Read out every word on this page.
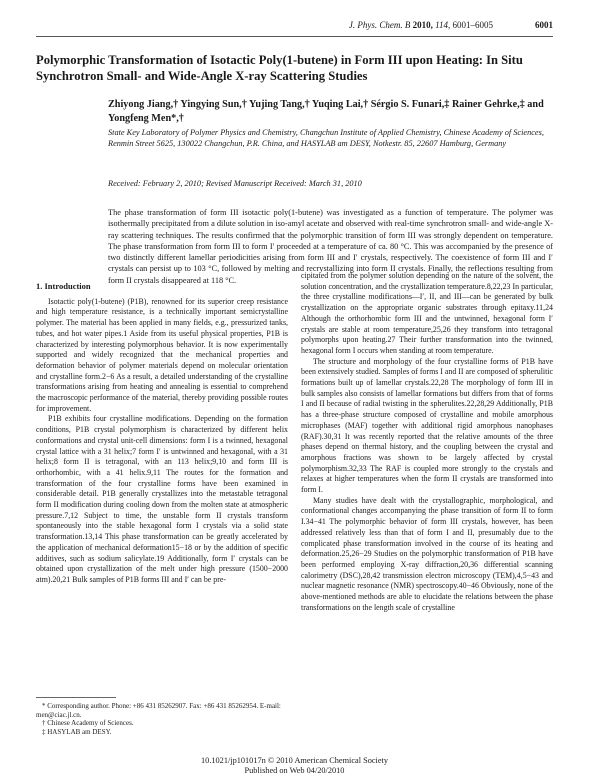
J. Phys. Chem. B 2010, 114, 6001–6005	6001
Polymorphic Transformation of Isotactic Poly(1-butene) in Form III upon Heating: In Situ Synchrotron Small- and Wide-Angle X-ray Scattering Studies
Zhiyong Jiang,† Yingying Sun,† Yujing Tang,† Yuqing Lai,† Sérgio S. Funari,‡ Rainer Gehrke,‡ and Yongfeng Men*,†
State Key Laboratory of Polymer Physics and Chemistry, Changchun Institute of Applied Chemistry, Chinese Academy of Sciences, Renmin Street 5625, 130022 Changchun, P.R. China, and HASYLAB am DESY, Notkestr. 85, 22607 Hamburg, Germany
Received: February 2, 2010; Revised Manuscript Received: March 31, 2010
The phase transformation of form III isotactic poly(1-butene) was investigated as a function of temperature. The polymer was isothermally precipitated from a dilute solution in iso-amyl acetate and observed with real-time synchrotron small- and wide-angle X-ray scattering techniques. The results confirmed that the polymorphic transition of form III was strongly dependent on temperature. The phase transformation from form III to form I′ proceeded at a temperature of ca. 80 °C. This was accompanied by the presence of two distinctly different lamellar periodicities arising from form III and I′ crystals, respectively. The coexistence of form III and I′ crystals can persist up to 103 °C, followed by melting and recrystallizing into form II crystals. Finally, the reflections resulting from form II crystals disappeared at 118 °C.
1. Introduction

Isotactic poly(1-butene) (P1B), renowned for its superior creep resistance and high temperature resistance, is a technically important semicrystalline polymer. The material has been applied in many fields, e.g., pressurized tanks, tubes, and hot water pipes.1 Aside from its useful physical properties, P1B is characterized by interesting polymorphous behavior. It is now experimentally supported and widely recognized that the mechanical properties and deformation behavior of polymer materials depend on molecular orientation and crystalline form.2−6 As a result, a detailed understanding of the crystalline transformations arising from heating and annealing is essential to comprehend the macroscopic performance of the material, thereby providing possible routes for improvement.

P1B exhibits four crystalline modifications. Depending on the formation conditions, P1B crystal polymorphism is characterized by different helix conformations and crystal unit-cell dimensions: form I is a twinned, hexagonal crystal lattice with a 31 helix;7 form I′ is untwinned and hexagonal, with a 31 helix;8 form II is tetragonal, with an 113 helix;9,10 and form III is orthorhombic, with a 41 helix.9,11 The routes for the formation and transformation of the four crystalline forms have been examined in considerable detail. P1B generally crystallizes into the metastable tetragonal form II modification during cooling down from the molten state at atmospheric pressure.7,12 Subject to time, the unstable form II crystals transform spontaneously into the stable hexagonal form I crystals via a solid state transformation.13,14 This phase transformation can be greatly accelerated by the application of mechanical deformation15−18 or by the addition of specific additives, such as sodium salicylate.19 Additionally, form I′ crystals can be obtained upon crystallization of the melt under high pressure (1500−2000 atm).20,21 Bulk samples of P1B forms III and I′ can be pre-

cipitated from the polymer solution depending on the nature of the solvent, the solution concentration, and the crystallization temperature.8,22,23 In particular, the three crystalline modifications—I′, II, and III—can be generated by bulk crystallization on the appropriate organic substrates through epitaxy.11,24 Although the orthorhombic form III and the untwinned, hexagonal form I′ crystals are stable at room temperature,25,26 they transform into tetragonal polymorphs upon heating.27 Their further transformation into the twinned, hexagonal form I occurs when standing at room temperature.

The structure and morphology of the four crystalline forms of P1B have been extensively studied. Samples of forms I and II are composed of spherulitic formations built up of lamellar crystals.22,28 The morphology of form III in bulk samples also consists of lamellar formations but differs from that of forms I and II because of radial twisting in the spherulites.22,28,29 Additionally, P1B has a three-phase structure composed of crystalline and mobile amorphous microphases (MAF) together with additional rigid amorphous nanophases (RAF).30,31 It was recently reported that the relative amounts of the three phases depend on thermal history, and the coupling between the crystal and amorphous fractions was shown to be largely affected by crystal polymorphism.32,33 The RAF is coupled more strongly to the crystals and relaxes at higher temperatures when the form II crystals are transformed into form I.

Many studies have dealt with the crystallographic, morphological, and conformational changes accompanying the phase transition of form II to form I.34−41 The polymorphic behavior of form III crystals, however, has been addressed relatively less than that of form I and II, presumably due to the complicated phase transformation involved in the course of its heating and deformation.25,26−29 Studies on the polymorphic transformation of P1B have been performed employing X-ray diffraction,20,36 differential scanning calorimetry (DSC),28,42 transmission electron microscopy (TEM),4,5−43 and nuclear magnetic resonance (NMR) spectroscopy.40−46 Obviously, none of the above-mentioned methods are able to elucidate the relations between the phase transformations on the length scale of crystalline

* Corresponding author. Phone: +86 431 85262907. Fax: +86 431 85262954. E-mail: men@ciac.jl.cn.
† Chinese Academy of Sciences.
‡ HASYLAB am DESY.
10.1021/jp101017n © 2010 American Chemical Society
Published on Web 04/20/2010
